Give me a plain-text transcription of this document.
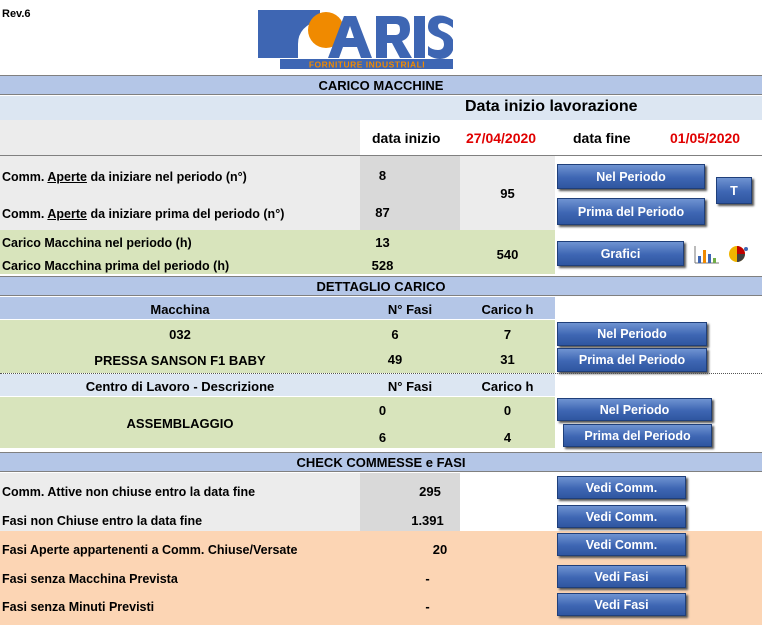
Rev.6
FORNITURE INDUSTRIALI
CARICO MACCHINE
Data inizio lavorazione
data inizio 27/04/2020	data fine	01/05/2020
Comm. Aperte da iniziare nel periodo (n°)	8
Comm. Aperte da iniziare prima del periodo (n°)	87
95
Nel Periodo
Prima del Periodo
T
Carico Macchina nel periodo (h)	13
Carico Macchina prima del periodo (h)	528
540	Grafici
DETTAGLIO CARICO
Macchina	N° Fasi	Carico h
032	6	7
PRESSA SANSON F1 BABY	49	31
Nel Periodo
Prima del Periodo
Centro di Lavoro - Descrizione	N° Fasi	Carico h
ASSEMBLAGGIO
0	0
6	4
Nel Periodo
Prima del Periodo
CHECK COMMESSE e FASI
Comm. Attive non chiuse entro la data fine	295	Vedi Comm.
Fasi non Chiuse entro la data fine	1.391	Vedi Comm.
Fasi Aperte appartenenti a Comm. Chiuse/Versate	20	Vedi Comm.
Fasi senza Macchina Prevista	-	Vedi Fasi
Fasi senza Minuti Previsti	-	Vedi Fasi
